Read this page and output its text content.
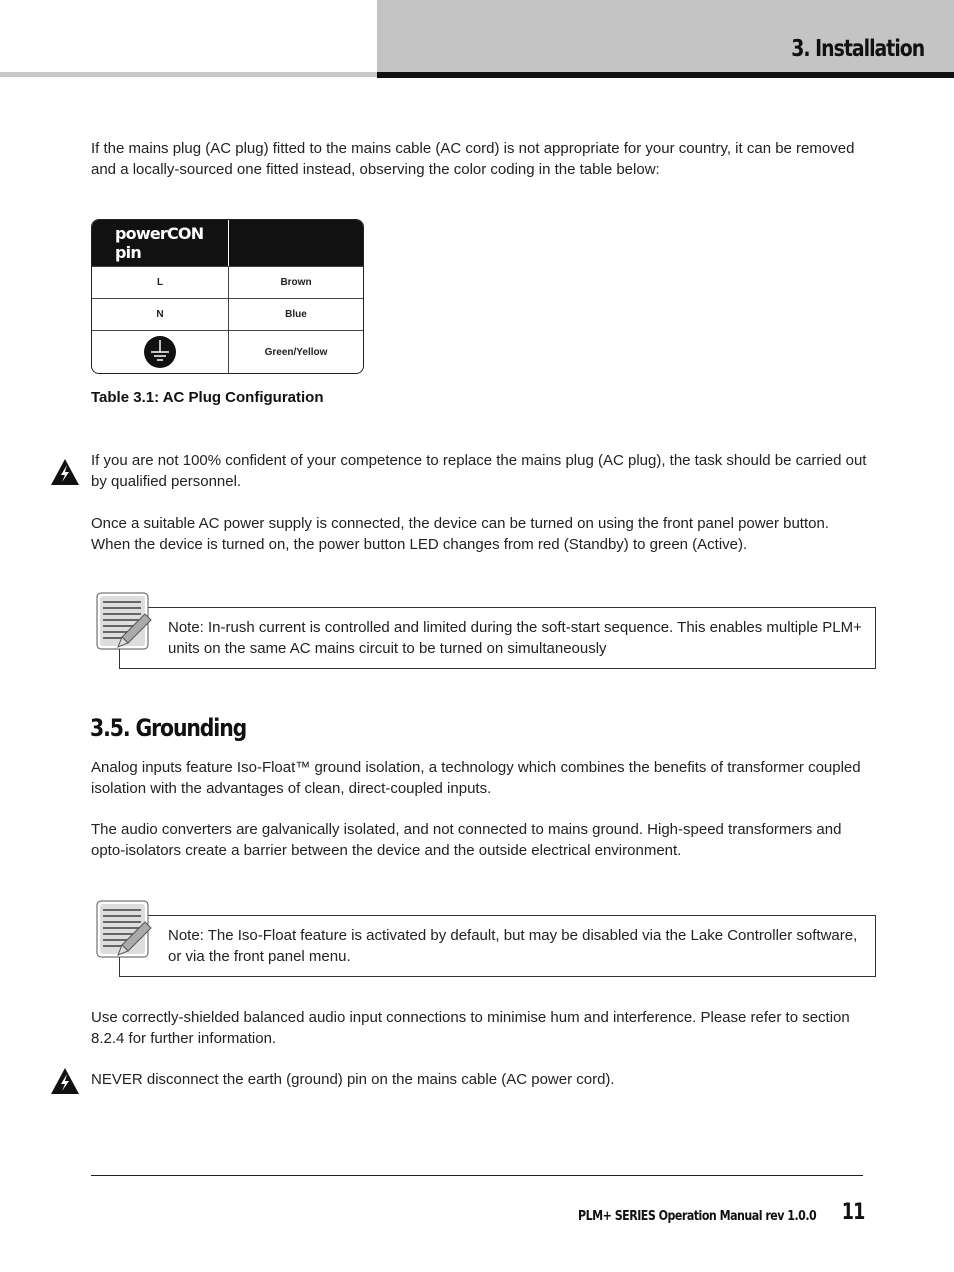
3. Installation

If the mains plug (AC plug) fitted to the mains cable (AC cord) is not appropriate for your country, it can be removed and a locally-sourced one fitted instead, observing the color coding in the table below:

powerCON pin
L	Brown
N	Blue
Green/Yellow
Table 3.1: AC Plug Configuration

If you are not 100% confident of your competence to replace the mains plug (AC plug), the task should be carried out by qualified personnel.

Once a suitable AC power supply is connected, the device can be turned on using the front panel power button. When the device is turned on, the power button LED changes from red (Standby) to green (Active).

Note: In-rush current is controlled and limited during the soft-start sequence. This enables multiple PLM+ units on the same AC mains circuit to be turned on simultaneously
3.5. Grounding

Analog inputs feature Iso-Float™ ground isolation, a technology which combines the benefits of transformer coupled isolation with the advantages of clean, direct-coupled inputs.

The audio converters are galvanically isolated, and not connected to mains ground. High-speed transformers and opto-isolators create a barrier between the device and the outside electrical environment.

Note: The Iso-Float feature is activated by default, but may be disabled via the Lake Controller software, or via the front panel menu.

Use correctly-shielded balanced audio input connections to minimise hum and interference. Please refer to section 8.2.4 for further information.

NEVER disconnect the earth (ground) pin on the mains cable (AC power cord).

PLM+ SERIES Operation Manual rev 1.0.0 11
